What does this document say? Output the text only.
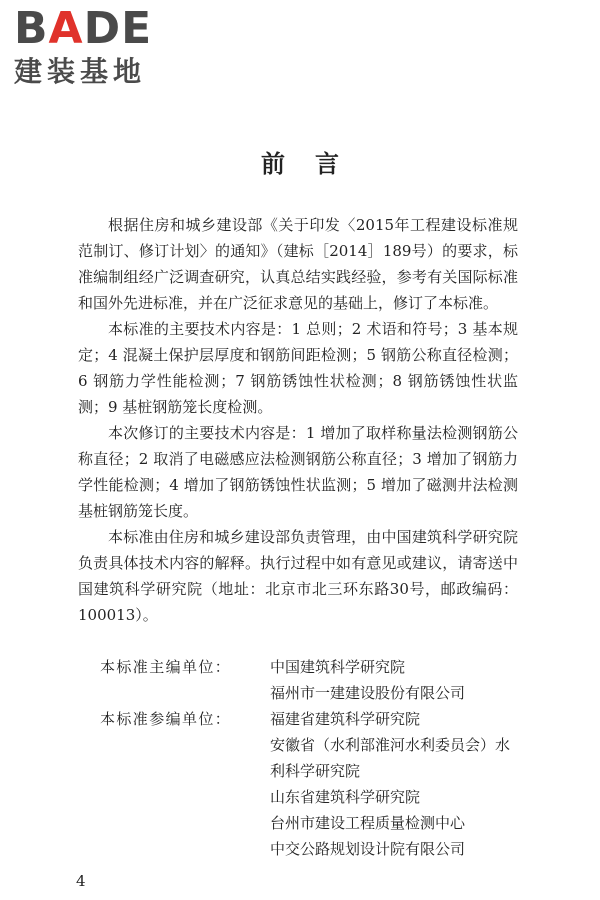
BADE
建装基地
前言

根据住房和城乡建设部《关于印发〈2015年工程建设标准规范制订、修订计划〉的通知》（建标［2014］189号）的要求，标准编制组经广泛调查研究，认真总结实践经验，参考有关国际标准和国外先进标准，并在广泛征求意见的基础上，修订了本标准。

本标准的主要技术内容是：1 总则；2 术语和符号；3 基本规定；4 混凝土保护层厚度和钢筋间距检测；5 钢筋公称直径检测；6 钢筋力学性能检测；7 钢筋锈蚀性状检测；8 钢筋锈蚀性状监测；9 基桩钢筋笼长度检测。

本次修订的主要技术内容是：1 增加了取样称量法检测钢筋公称直径；2 取消了电磁感应法检测钢筋公称直径；3 增加了钢筋力学性能检测；4 增加了钢筋锈蚀性状监测；5 增加了磁测井法检测基桩钢筋笼长度。

本标准由住房和城乡建设部负责管理，由中国建筑科学研究院负责具体技术内容的解释。执行过程中如有意见或建议，请寄送中国建筑科学研究院（地址：北京市北三环东路30号，邮政编码：100013）。

本标准主编单位：	中国建筑科学研究院
福州市一建建设股份有限公司
本标准参编单位：	福建省建筑科学研究院
安徽省（水利部淮河水利委员会）水利科学研究院
山东省建筑科学研究院
台州市建设工程质量检测中心
中交公路规划设计院有限公司
4
